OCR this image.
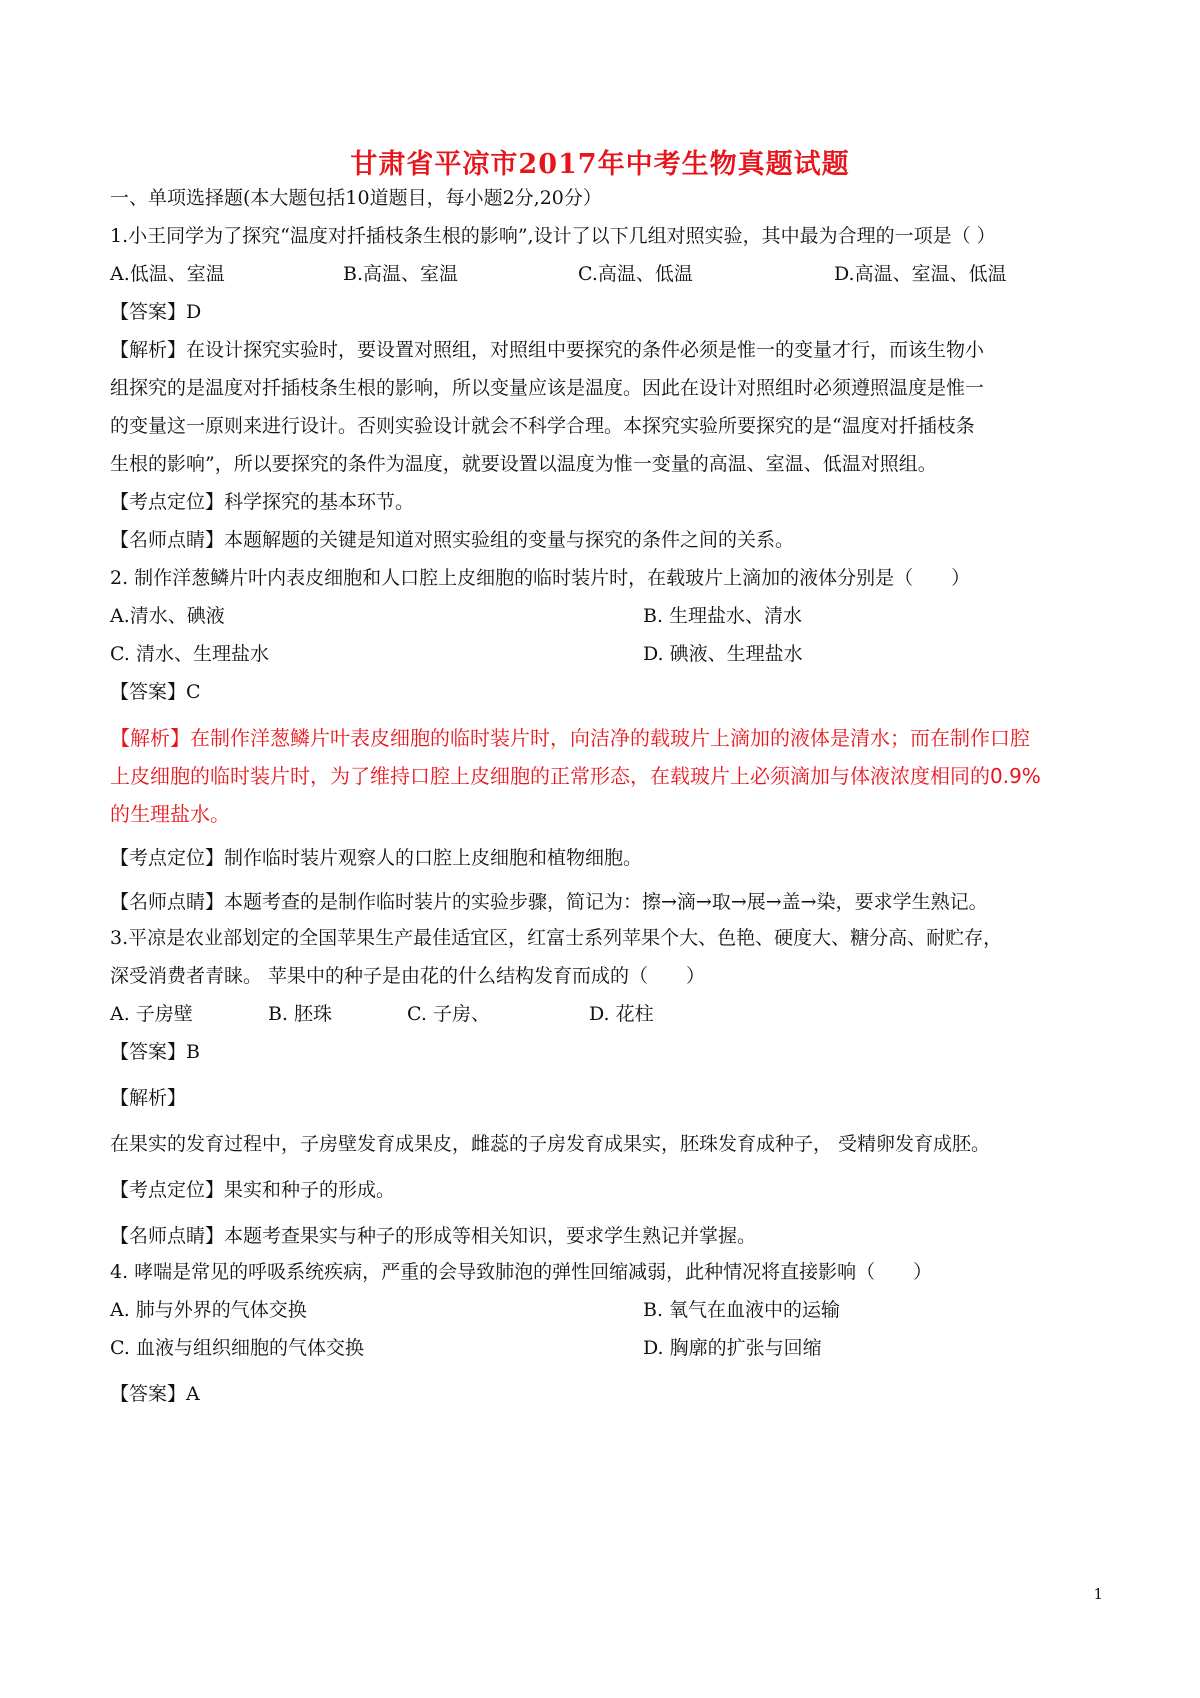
甘肃省平凉市2017年中考生物真题试题
一、单项选择题(本大题包括10道题目，每小题2分,20分）
1.小王同学为了探究“温度对扦插枝条生根的影响”,设计了以下几组对照实验，其中最为合理的一项是（ ）
A.低温、室温	B.高温、室温	C.高温、低温	D.高温、室温、低温
【答案】D
【解析】在设计探究实验时，要设置对照组，对照组中要探究的条件必须是惟一的变量才行，而该生物小
组探究的是温度对扦插枝条生根的影响，所以变量应该是温度。因此在设计对照组时必须遵照温度是惟一
的变量这一原则来进行设计。否则实验设计就会不科学合理。本探究实验所要探究的是“温度对扦插枝条
生根的影响”，所以要探究的条件为温度，就要设置以温度为惟一变量的高温、室温、低温对照组。
【考点定位】科学探究的基本环节。
【名师点睛】本题解题的关键是知道对照实验组的变量与探究的条件之间的关系。
2. 制作洋葱鳞片叶内表皮细胞和人口腔上皮细胞的临时装片时，在载玻片上滴加的液体分别是（　　）
A.清水、碘液	B. 生理盐水、清水
C. 清水、生理盐水	D. 碘液、生理盐水
【答案】C
【解析】在制作洋葱鳞片叶表皮细胞的临时装片时，向洁净的载玻片上滴加的液体是清水；而在制作口腔
上皮细胞的临时装片时，为了维持口腔上皮细胞的正常形态，在载玻片上必须滴加与体液浓度相同的0.9%
的生理盐水。
【考点定位】制作临时装片观察人的口腔上皮细胞和植物细胞。
【名师点睛】本题考查的是制作临时装片的实验步骤，简记为：擦→滴→取→展→盖→染，要求学生熟记。
3.平凉是农业部划定的全国苹果生产最佳适宜区，红富士系列苹果个大、色艳、硬度大、糖分高、耐贮存，
深受消费者青睐。 苹果中的种子是由花的什么结构发育而成的（　　）
A. 子房壁	B. 胚珠	C. 子房、	D. 花柱
【答案】B
【解析】
在果实的发育过程中，子房壁发育成果皮，雌蕊的子房发育成果实，胚珠发育成种子， 受精卵发育成胚。
【考点定位】果实和种子的形成。
【名师点睛】本题考查果实与种子的形成等相关知识，要求学生熟记并掌握。
4. 哮喘是常见的呼吸系统疾病，严重的会导致肺泡的弹性回缩减弱，此种情况将直接影响（　　）
A. 肺与外界的气体交换	B. 氧气在血液中的运输
C. 血液与组织细胞的气体交换	D. 胸廓的扩张与回缩
【答案】A
1
